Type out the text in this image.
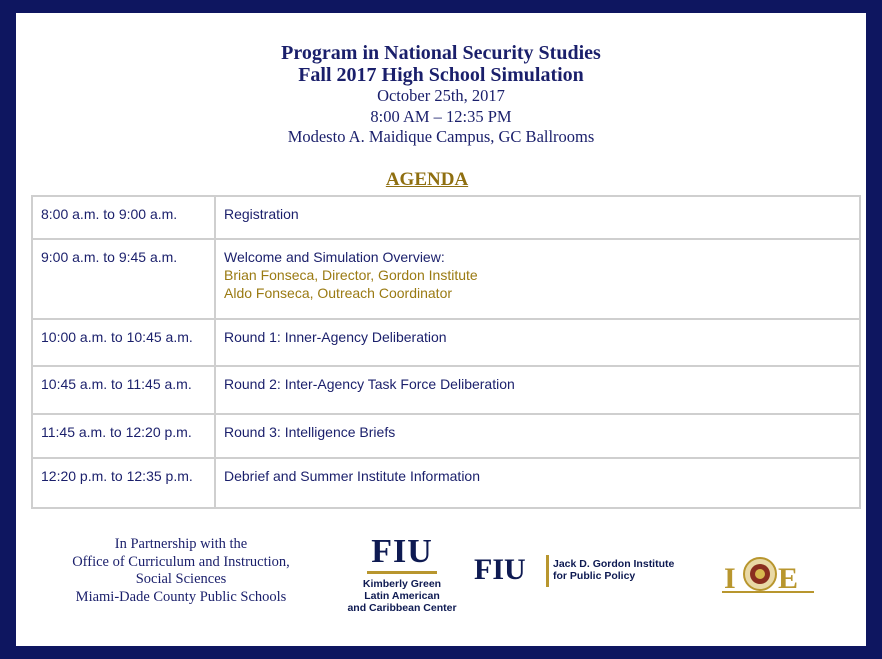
Program in National Security Studies
Fall 2017 High School Simulation
October 25th, 2017
8:00 AM – 12:35 PM
Modesto A. Maidique Campus, GC Ballrooms
AGENDA
8:00 a.m. to 9:00 a.m.	Registration
9:00 a.m. to 9:45 a.m.	Welcome and Simulation Overview:
Brian Fonseca, Director, Gordon Institute
Aldo Fonseca, Outreach Coordinator

10:00 a.m. to 10:45 a.m.	Round 1: Inner-Agency Deliberation
10:45 a.m. to 11:45 a.m.	Round 2: Inter-Agency Task Force Deliberation
11:45 a.m. to 12:20 p.m.	Round 3: Intelligence Briefs
12:20 p.m. to 12:35 p.m.	Debrief and Summer Institute Information
In Partnership with the
Office of Curriculum and Instruction,
Social Sciences
Miami-Dade County Public Schools
FIU
Kimberly Green
Latin American
and Caribbean Center
FIU	Jack D. Gordon Institute
for Public Policy	I E
